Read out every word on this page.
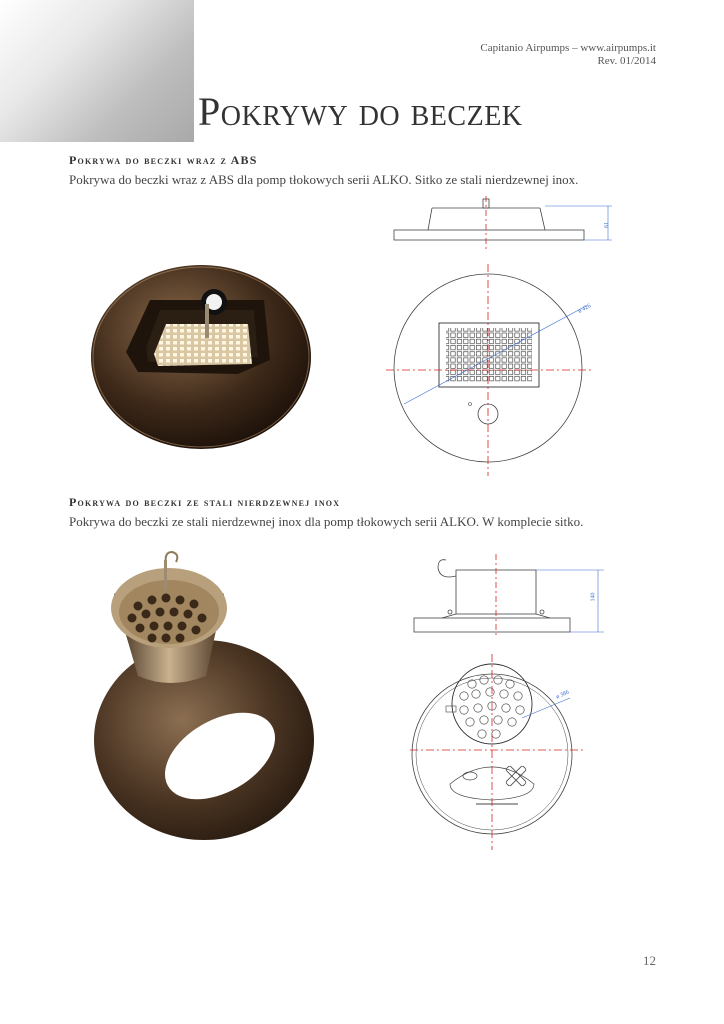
Capitanio Airpumps – www.airpumps.it
Rev. 01/2014
Pokrywy do beczek
Pokrywa do beczki wraz z ABS

Pokrywa do beczki wraz z ABS dla pomp tłokowych serii ALKO. Sitko ze stali nierdzewnej inox.

61
ø 426
Pokrywa do beczki ze stali nierdzewnej inox

Pokrywa do beczki ze stali nierdzewnej inox dla pomp tłokowych serii ALKO. W komplecie sitko.

140
ø 386
12
